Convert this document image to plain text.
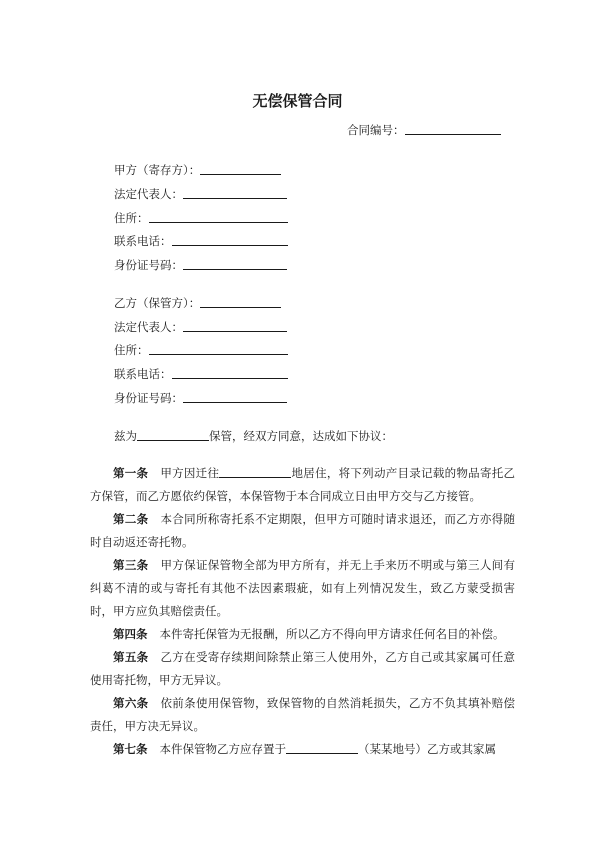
无偿保管合同
合同编号：
甲方（寄存方）：
法定代表人：
住所：
联系电话：
身份证号码：
乙方（保管方）：
法定代表人：
住所：
联系电话：
身份证号码：
兹为	保管，经双方同意，达成如下协议：

第一条 甲方因迁往	地居住，将下列动产目录记载的物品寄托乙方保管，而乙方愿依约保管，本保管物于本合同成立日由甲方交与乙方接管。

第二条 本合同所称寄托系不定期限，但甲方可随时请求退还，而乙方亦得随时自动返还寄托物。

第三条 甲方保证保管物全部为甲方所有，并无上手来历不明或与第三人间有纠葛不清的或与寄托有其他不法因素瑕疵，如有上列情况发生，致乙方蒙受损害时，甲方应负其赔偿责任。

第四条 本件寄托保管为无报酬，所以乙方不得向甲方请求任何名目的补偿。

第五条 乙方在受寄存续期间除禁止第三人使用外，乙方自己或其家属可任意使用寄托物，甲方无异议。

第六条 依前条使用保管物，致保管物的自然消耗损失，乙方不负其填补赔偿责任，甲方决无异议。

第七条 本件保管物乙方应存置于	（某某地号）乙方或其家属
